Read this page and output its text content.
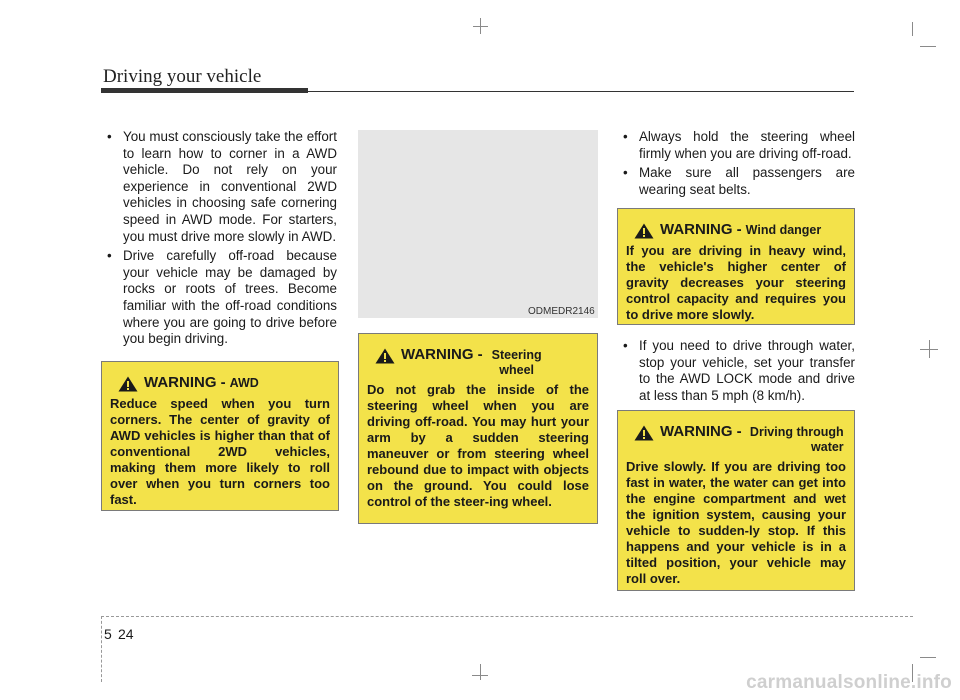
Driving your vehicle
• You must consciously take the effort to learn how to corner in a AWD vehicle. Do not rely on your experience in conventional 2WD vehicles in choosing safe cornering speed in AWD mode. For starters, you must drive more slowly in AWD.
• Drive carefully off-road because your vehicle may be damaged by rocks or roots of trees. Become familiar with the off-road conditions where you are going to drive before you begin driving.
WARNING - AWD
Reduce speed when you turn corners. The center of gravity of AWD vehicles is higher than that of conventional 2WD vehicles, making them more likely to roll over when you turn corners too fast.
ODMEDR2146
WARNING - Steering wheel
Do not grab the inside of the steering wheel when you are driving off-road. You may hurt your arm by a sudden steering maneuver or from steering wheel rebound due to impact with objects on the ground. You could lose control of the steer-ing wheel.
• Always hold the steering wheel firmly when you are driving off-road.
• Make sure all passengers are wearing seat belts.
WARNING - Wind danger
If you are driving in heavy wind, the vehicle's higher center of gravity decreases your steering control capacity and requires you to drive more slowly.
• If you need to drive through water, stop your vehicle, set your transfer to the AWD LOCK mode and drive at less than 5 mph (8 km/h).
WARNING - Driving through water
Drive slowly. If you are driving too fast in water, the water can get into the engine compartment and wet the ignition system, causing your vehicle to sudden-ly stop. If this happens and your vehicle is in a tilted position, your vehicle may roll over.
5 24
carmanualsonline.info
